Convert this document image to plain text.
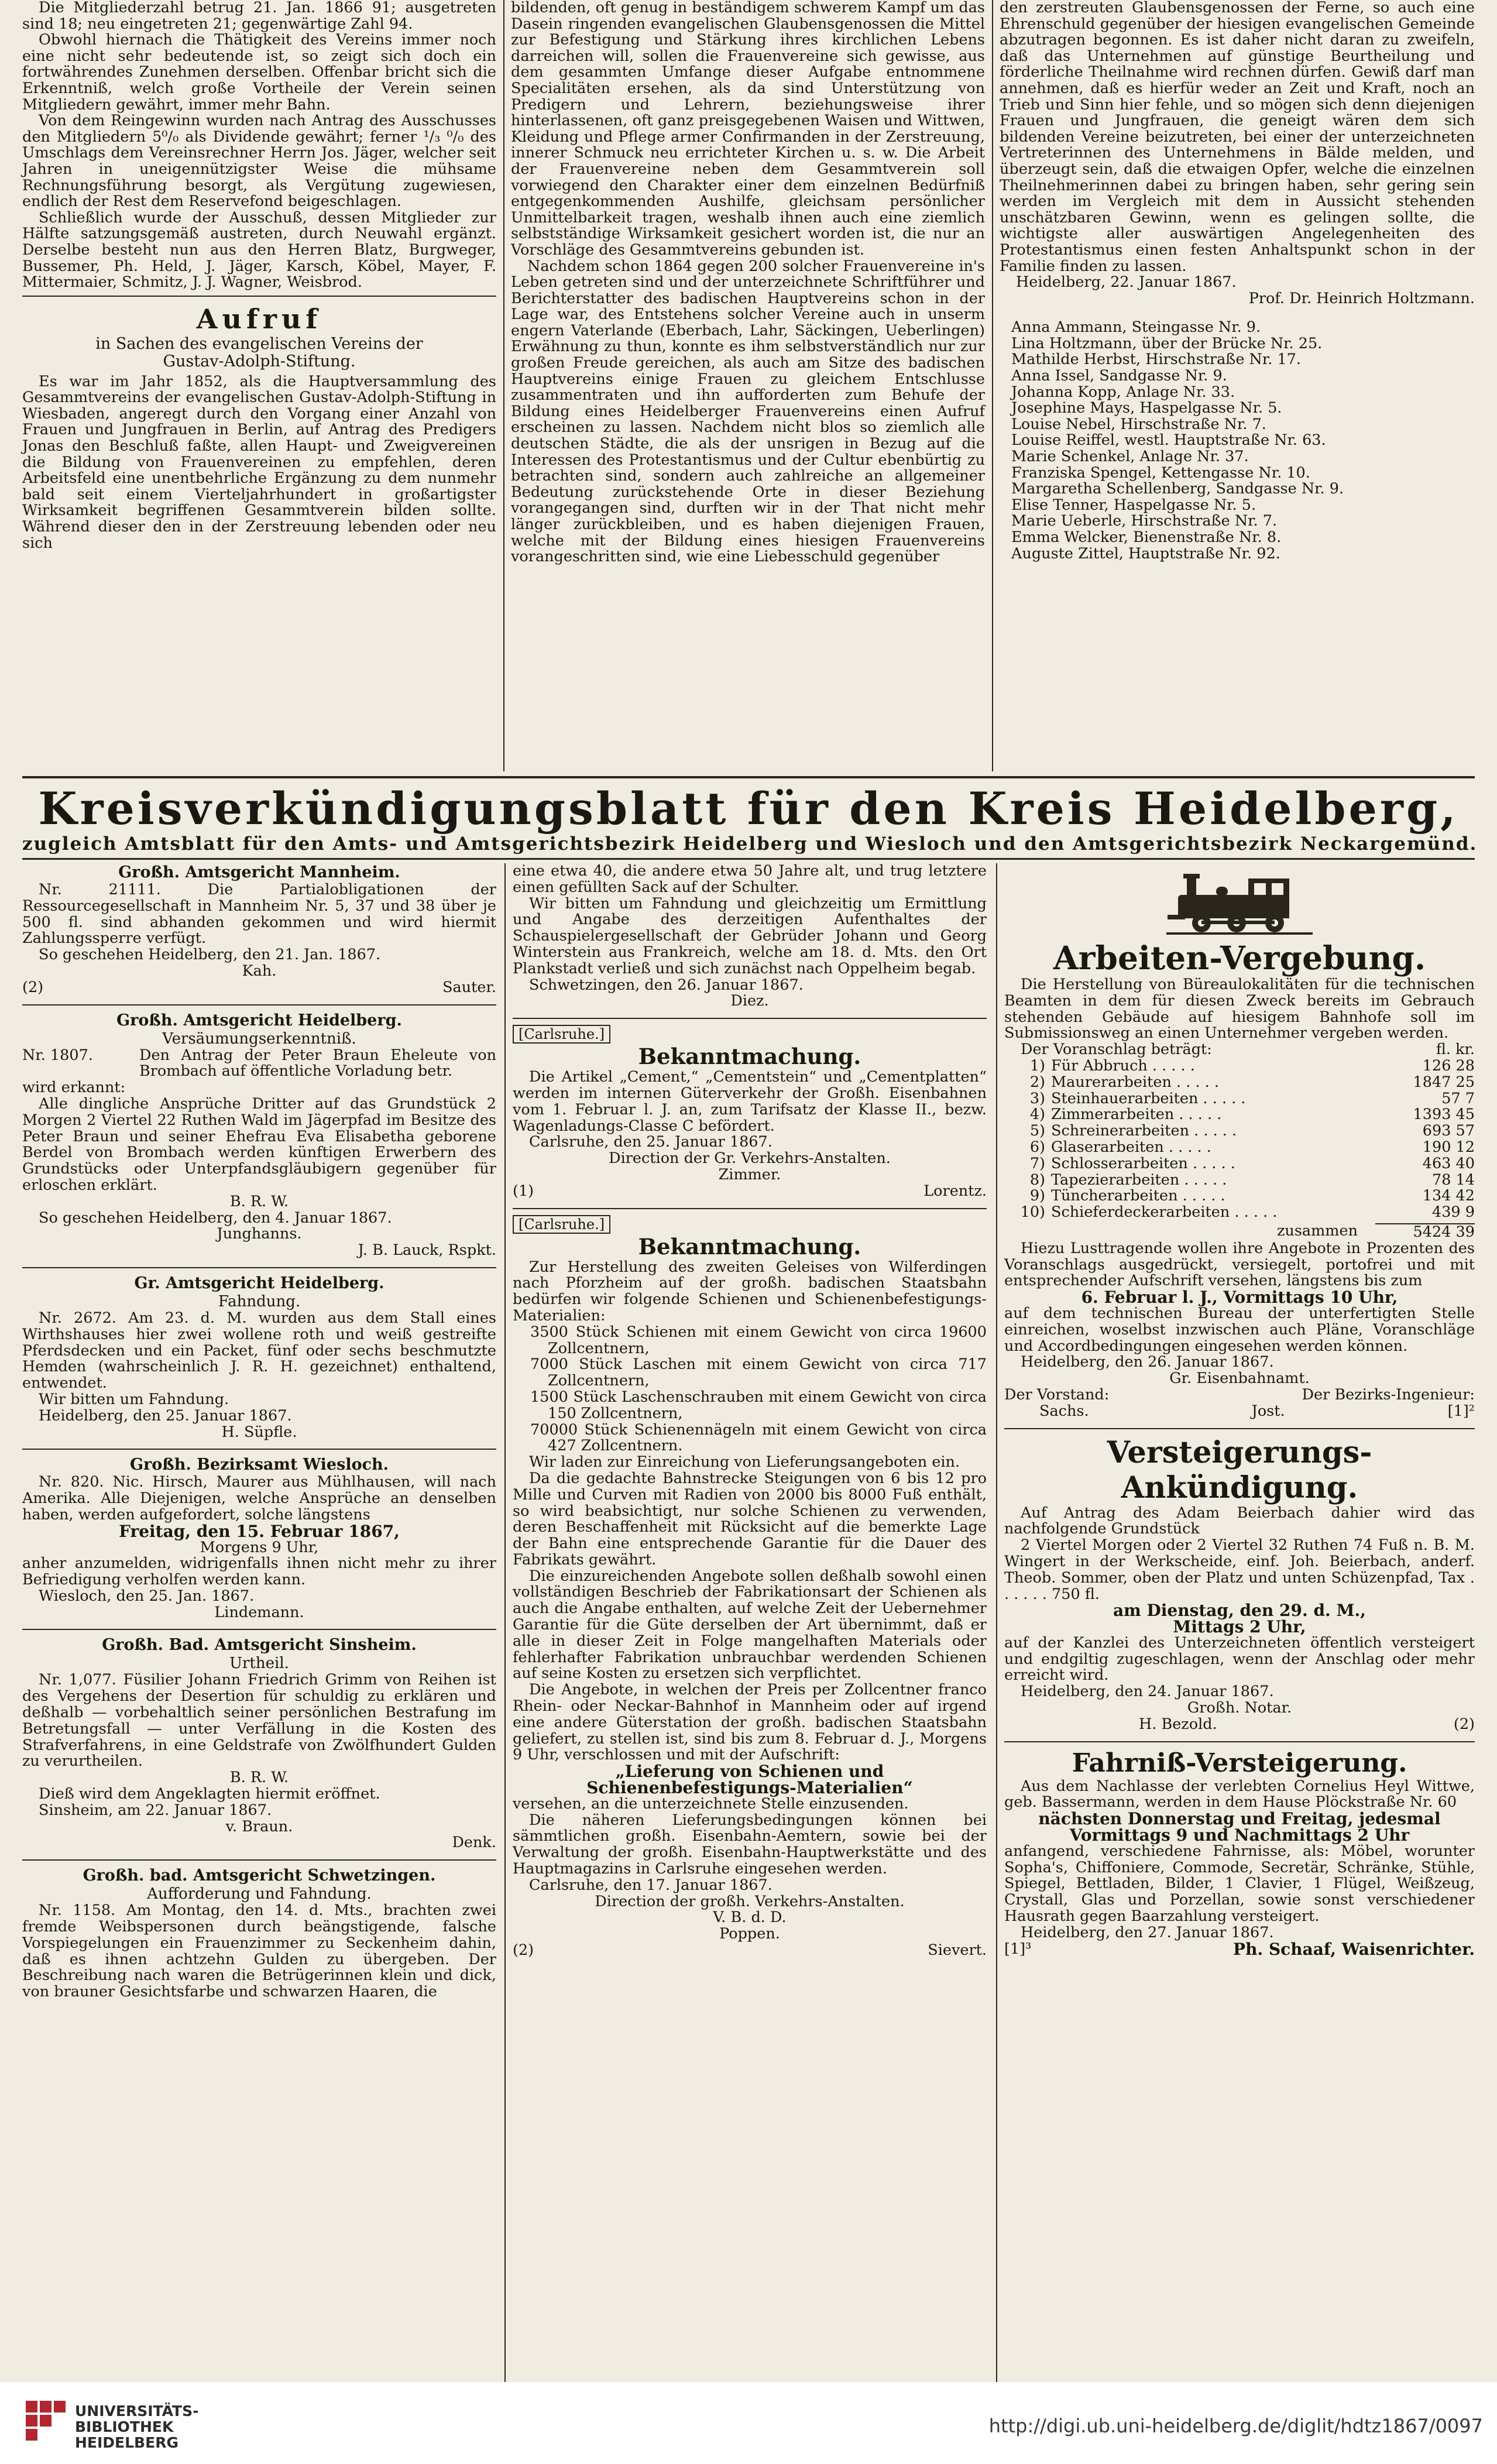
Die Mitgliederzahl betrug 21. Jan. 1866 91; ausgetreten sind 18; neu eingetreten 21; gegenwärtige Zahl 94.

Obwohl hiernach die Thätigkeit des Vereins immer noch eine nicht sehr bedeutende ist, so zeigt sich doch ein fortwährendes Zunehmen derselben. Offenbar bricht sich die Erkenntniß, welch große Vortheile der Verein seinen Mitgliedern gewährt, immer mehr Bahn.

Von dem Reingewinn wurden nach Antrag des Ausschusses den Mitgliedern 5⁰/₀ als Dividende gewährt; ferner ¹/₃ ⁰/₀ des Umschlags dem Vereinsrechner Herrn Jos. Jäger, welcher seit Jahren in uneigennützigster Weise die mühsame Rechnungsführung besorgt, als Vergütung zugewiesen, endlich der Rest dem Reservefond beigeschlagen.

Schließlich wurde der Ausschuß, dessen Mitglieder zur Hälfte satzungsgemäß austreten, durch Neuwahl ergänzt. Derselbe besteht nun aus den Herren Blatz, Burgweger, Bussemer, Ph. Held, J. Jäger, Karsch, Köbel, Mayer, F. Mittermaier, Schmitz, J. J. Wagner, Weisbrod.

Aufruf
in Sachen des evangelischen Vereins der
Gustav-Adolph-Stiftung.

Es war im Jahr 1852, als die Hauptversammlung des Gesammtvereins der evangelischen Gustav-Adolph-Stiftung in Wiesbaden, angeregt durch den Vorgang einer Anzahl von Frauen und Jungfrauen in Berlin, auf Antrag des Predigers Jonas den Beschluß faßte, allen Haupt- und Zweigvereinen die Bildung von Frauenvereinen zu empfehlen, deren Arbeitsfeld eine unentbehrliche Ergänzung zu dem nunmehr bald seit einem Vierteljahrhundert in großartigster Wirksamkeit begriffenen Gesammtverein bilden sollte. Während dieser den in der Zerstreuung lebenden oder neu sich

bildenden, oft genug in beständigem schwerem Kampf um das Dasein ringenden evangelischen Glaubensgenossen die Mittel zur Befestigung und Stärkung ihres kirchlichen Lebens darreichen will, sollen die Frauenvereine sich gewisse, aus dem gesammten Umfange dieser Aufgabe entnommene Specialitäten ersehen, als da sind Unterstützung von Predigern und Lehrern, beziehungsweise ihrer hinterlassenen, oft ganz preisgegebenen Waisen und Wittwen, Kleidung und Pflege armer Confirmanden in der Zerstreuung, innerer Schmuck neu errichteter Kirchen u. s. w. Die Arbeit der Frauenvereine neben dem Gesammtverein soll vorwiegend den Charakter einer dem einzelnen Bedürfniß entgegenkommenden Aushilfe, gleichsam persönlicher Unmittelbarkeit tragen, weshalb ihnen auch eine ziemlich selbstständige Wirksamkeit gesichert worden ist, die nur an Vorschläge des Gesammtvereins gebunden ist.

Nachdem schon 1864 gegen 200 solcher Frauenvereine in's Leben getreten sind und der unterzeichnete Schriftführer und Berichterstatter des badischen Hauptvereins schon in der Lage war, des Entstehens solcher Vereine auch in unserm engern Vaterlande (Eberbach, Lahr, Säckingen, Ueberlingen) Erwähnung zu thun, konnte es ihm selbstverständlich nur zur großen Freude gereichen, als auch am Sitze des badischen Hauptvereins einige Frauen zu gleichem Entschlusse zusammentraten und ihn aufforderten zum Behufe der Bildung eines Heidelberger Frauenvereins einen Aufruf erscheinen zu lassen. Nachdem nicht blos so ziemlich alle deutschen Städte, die als der unsrigen in Bezug auf die Interessen des Protestantismus und der Cultur ebenbürtig zu betrachten sind, sondern auch zahlreiche an allgemeiner Bedeutung zurückstehende Orte in dieser Beziehung vorangegangen sind, durften wir in der That nicht mehr länger zurückbleiben, und es haben diejenigen Frauen, welche mit der Bildung eines hiesigen Frauenvereins vorangeschritten sind, wie eine Liebesschuld gegenüber

den zerstreuten Glaubensgenossen der Ferne, so auch eine Ehrenschuld gegenüber der hiesigen evangelischen Gemeinde abzutragen begonnen. Es ist daher nicht daran zu zweifeln, daß das Unternehmen auf günstige Beurtheilung und förderliche Theilnahme wird rechnen dürfen. Gewiß darf man annehmen, daß es hierfür weder an Zeit und Kraft, noch an Trieb und Sinn hier fehle, und so mögen sich denn diejenigen Frauen und Jungfrauen, die geneigt wären dem sich bildenden Vereine beizutreten, bei einer der unterzeichneten Vertreterinnen des Unternehmens in Bälde melden, und überzeugt sein, daß die etwaigen Opfer, welche die einzelnen Theilnehmerinnen dabei zu bringen haben, sehr gering sein werden im Vergleich mit dem in Aussicht stehenden unschätzbaren Gewinn, wenn es gelingen sollte, die wichtigste aller auswärtigen Angelegenheiten des Protestantismus einen festen Anhaltspunkt schon in der Familie finden zu lassen.

Heidelberg, 22. Januar 1867.

Prof. Dr. Heinrich Holtzmann.
Anna Ammann, Steingasse Nr. 9.
Lina Holtzmann, über der Brücke Nr. 25.
Mathilde Herbst, Hirschstraße Nr. 17.
Anna Issel, Sandgasse Nr. 9.
Johanna Kopp, Anlage Nr. 33.
Josephine Mays, Haspelgasse Nr. 5.
Louise Nebel, Hirschstraße Nr. 7.
Louise Reiffel, westl. Hauptstraße Nr. 63.
Marie Schenkel, Anlage Nr. 37.
Franziska Spengel, Kettengasse Nr. 10.
Margaretha Schellenberg, Sandgasse Nr. 9.
Elise Tenner, Haspelgasse Nr. 5.
Marie Ueberle, Hirschstraße Nr. 7.
Emma Welcker, Bienenstraße Nr. 8.
Auguste Zittel, Hauptstraße Nr. 92.
Kreisverkündigungsblatt für den Kreis Heidelberg,
zugleich Amtsblatt für den Amts- und Amtsgerichtsbezirk Heidelberg und Wiesloch und den Amtsgerichtsbezirk Neckargemünd.
Großh. Amtsgericht Mannheim.

Nr. 21111. Die Partialobligationen der Ressourcegesellschaft in Mannheim Nr. 5, 37 und 38 über je 500 fl. sind abhanden gekommen und wird hiermit Zahlungssperre verfügt.

So geschehen Heidelberg, den 21. Jan. 1867.

Kah.
(2)	Sauter.
Großh. Amtsgericht Heidelberg.
Versäumungserkenntniß.
Nr. 1807.	Den Antrag der Peter Braun Eheleute von Brombach auf öffentliche Vorladung betr.
wird erkannt:

Alle dingliche Ansprüche Dritter auf das Grundstück 2 Morgen 2 Viertel 22 Ruthen Wald im Jägerpfad im Besitze des Peter Braun und seiner Ehefrau Eva Elisabetha geborene Berdel von Brombach werden künftigen Erwerbern des Grundstücks oder Unterpfandsgläubigern gegenüber für erloschen erklärt.

B. R. W.

So geschehen Heidelberg, den 4. Januar 1867.

Junghanns.
J. B. Lauck, Rspkt.
Gr. Amtsgericht Heidelberg.
Fahndung.

Nr. 2672. Am 23. d. M. wurden aus dem Stall eines Wirthshauses hier zwei wollene roth und weiß gestreifte Pferdsdecken und ein Packet, fünf oder sechs beschmutzte Hemden (wahrscheinlich J. R. H. gezeichnet) enthaltend, entwendet.

Wir bitten um Fahndung.

Heidelberg, den 25. Januar 1867.

H. Süpfle.
Großh. Bezirksamt Wiesloch.

Nr. 820. Nic. Hirsch, Maurer aus Mühlhausen, will nach Amerika. Alle Diejenigen, welche Ansprüche an denselben haben, werden aufgefordert, solche längstens

Freitag, den 15. Februar 1867,
Morgens 9 Uhr,

anher anzumelden, widrigenfalls ihnen nicht mehr zu ihrer Befriedigung verholfen werden kann.

Wiesloch, den 25. Jan. 1867.

Lindemann.
Großh. Bad. Amtsgericht Sinsheim.
Urtheil.

Nr. 1,077. Füsilier Johann Friedrich Grimm von Reihen ist des Vergehens der Desertion für schuldig zu erklären und deßhalb — vorbehaltlich seiner persönlichen Bestrafung im Betretungsfall — unter Verfällung in die Kosten des Strafverfahrens, in eine Geldstrafe von Zwölfhundert Gulden zu verurtheilen.

B. R. W.

Dieß wird dem Angeklagten hiermit eröffnet.

Sinsheim, am 22. Januar 1867.

v. Braun.
Denk.
Großh. bad. Amtsgericht Schwetzingen.
Aufforderung und Fahndung.

Nr. 1158. Am Montag, den 14. d. Mts., brachten zwei fremde Weibspersonen durch beängstigende, falsche Vorspiegelungen ein Frauenzimmer zu Seckenheim dahin, daß es ihnen achtzehn Gulden zu übergeben. Der Beschreibung nach waren die Betrügerinnen klein und dick, von brauner Gesichtsfarbe und schwarzen Haaren, die

eine etwa 40, die andere etwa 50 Jahre alt, und trug letztere einen gefüllten Sack auf der Schulter.

Wir bitten um Fahndung und gleichzeitig um Ermittlung und Angabe des derzeitigen Aufenthaltes der Schauspielergesellschaft der Gebrüder Johann und Georg Winterstein aus Frankreich, welche am 18. d. Mts. den Ort Plankstadt verließ und sich zunächst nach Oppelheim begab.

Schwetzingen, den 26. Januar 1867.

Diez.
[Carlsruhe.]
Bekanntmachung.

Die Artikel „Cement,“ „Cementstein“ und „Cementplatten“ werden im internen Güterverkehr der Großh. Eisenbahnen vom 1. Februar l. J. an, zum Tarifsatz der Klasse II., bezw. Wagenladungs-Classe C befördert.

Carlsruhe, den 25. Januar 1867.

Direction der Gr. Verkehrs-Anstalten.
Zimmer.
(1)	Lorentz.
[Carlsruhe.]
Bekanntmachung.

Zur Herstellung des zweiten Geleises von Wilferdingen nach Pforzheim auf der großh. badischen Staatsbahn bedürfen wir folgende Schienen und Schienenbefestigungs-Materialien:

3500 Stück Schienen mit einem Gewicht von circa 19600 Zollcentnern,
7000 Stück Laschen mit einem Gewicht von circa 717 Zollcentnern,
1500 Stück Laschenschrauben mit einem Gewicht von circa 150 Zollcentnern,
70000 Stück Schienennägeln mit einem Gewicht von circa 427 Zollcentnern.

Wir laden zur Einreichung von Lieferungsangeboten ein.

Da die gedachte Bahnstrecke Steigungen von 6 bis 12 pro Mille und Curven mit Radien von 2000 bis 8000 Fuß enthält, so wird beabsichtigt, nur solche Schienen zu verwenden, deren Beschaffenheit mit Rücksicht auf die bemerkte Lage der Bahn eine entsprechende Garantie für die Dauer des Fabrikats gewährt.

Die einzureichenden Angebote sollen deßhalb sowohl einen vollständigen Beschrieb der Fabrikationsart der Schienen als auch die Angabe enthalten, auf welche Zeit der Uebernehmer Garantie für die Güte derselben der Art übernimmt, daß er alle in dieser Zeit in Folge mangelhaften Materials oder fehlerhafter Fabrikation unbrauchbar werdenden Schienen auf seine Kosten zu ersetzen sich verpflichtet.

Die Angebote, in welchen der Preis per Zollcentner franco Rhein- oder Neckar-Bahnhof in Mannheim oder auf irgend eine andere Güterstation der großh. badischen Staatsbahn geliefert, zu stellen ist, sind bis zum 8. Februar d. J., Morgens 9 Uhr, verschlossen und mit der Aufschrift:

„Lieferung von Schienen und Schienenbefestigungs-Materialien“

versehen, an die unterzeichnete Stelle einzusenden.

Die näheren Lieferungsbedingungen können bei sämmtlichen großh. Eisenbahn-Aemtern, sowie bei der Verwaltung der großh. Eisenbahn-Hauptwerkstätte und des Hauptmagazins in Carlsruhe eingesehen werden.

Carlsruhe, den 17. Januar 1867.

Direction der großh. Verkehrs-Anstalten.
V. B. d. D.
Poppen.
(2)	Sievert.
Arbeiten-Vergebung.

Die Herstellung von Büreaulokalitäten für die technischen Beamten in dem für diesen Zweck bereits im Gebrauch stehenden Gebäude auf hiesigem Bahnhofe soll im Submissionsweg an einen Unternehmer vergeben werden.

Der Voranschlag beträgt:	fl. kr.
1) Für Abbruch . . . . .	126 28
2) Maurerarbeiten . . . . .	1847 25
3) Steinhauerarbeiten . . . . .	57 7
4) Zimmerarbeiten . . . . .	1393 45
5) Schreinerarbeiten . . . . .	693 57
6) Glaserarbeiten . . . . .	190 12
7) Schlosserarbeiten . . . . .	463 40
8) Tapezierarbeiten . . . . .	78 14
9) Tüncherarbeiten . . . . .	134 42
10) Schieferdeckerarbeiten . . . . .	439 9
zusammen	5424 39

Hiezu Lusttragende wollen ihre Angebote in Prozenten des Voranschlags ausgedrückt, versiegelt, portofrei und mit entsprechender Aufschrift versehen, längstens bis zum

6. Februar l. J., Vormittags 10 Uhr,

auf dem technischen Bureau der unterfertigten Stelle einreichen, woselbst inzwischen auch Pläne, Voranschläge und Accordbedingungen eingesehen werden können.

Heidelberg, den 26. Januar 1867.

Gr. Eisenbahnamt.
Der Vorstand:	Der Bezirks-Ingenieur:
Sachs.	Jost.	[1]²
Versteigerungs-Ankündigung.

Auf Antrag des Adam Beierbach dahier wird das nachfolgende Grundstück

2 Viertel Morgen oder 2 Viertel 32 Ruthen 74 Fuß n. B. M. Wingert in der Werkscheide, einf. Joh. Beierbach, anderf. Theob. Sommer, oben der Platz und unten Schüzenpfad, Tax . . . . . . 750 fl.

am Dienstag, den 29. d. M.,
Mittags 2 Uhr,

auf der Kanzlei des Unterzeichneten öffentlich versteigert und endgiltig zugeschlagen, wenn der Anschlag oder mehr erreicht wird.

Heidelberg, den 24. Januar 1867.

Großh. Notar.
H. Bezold.	(2)
Fahrniß-Versteigerung.

Aus dem Nachlasse der verlebten Cornelius Heyl Wittwe, geb. Bassermann, werden in dem Hause Plöckstraße Nr. 60

nächsten Donnerstag und Freitag, jedesmal Vormittags 9 und Nachmittags 2 Uhr

anfangend, verschiedene Fahrnisse, als: Möbel, worunter Sopha's, Chiffoniere, Commode, Secretär, Schränke, Stühle, Spiegel, Bettladen, Bilder, 1 Clavier, 1 Flügel, Weißzeug, Crystall, Glas und Porzellan, sowie sonst verschiedener Hausrath gegen Baarzahlung versteigert.

Heidelberg, den 27. Januar 1867.

[1]³	Ph. Schaaf, Waisenrichter.
UNIVERSITÄTS-
BIBLIOTHEK
HEIDELBERG
http://digi.ub.uni-heidelberg.de/diglit/hdtz1867/0097
